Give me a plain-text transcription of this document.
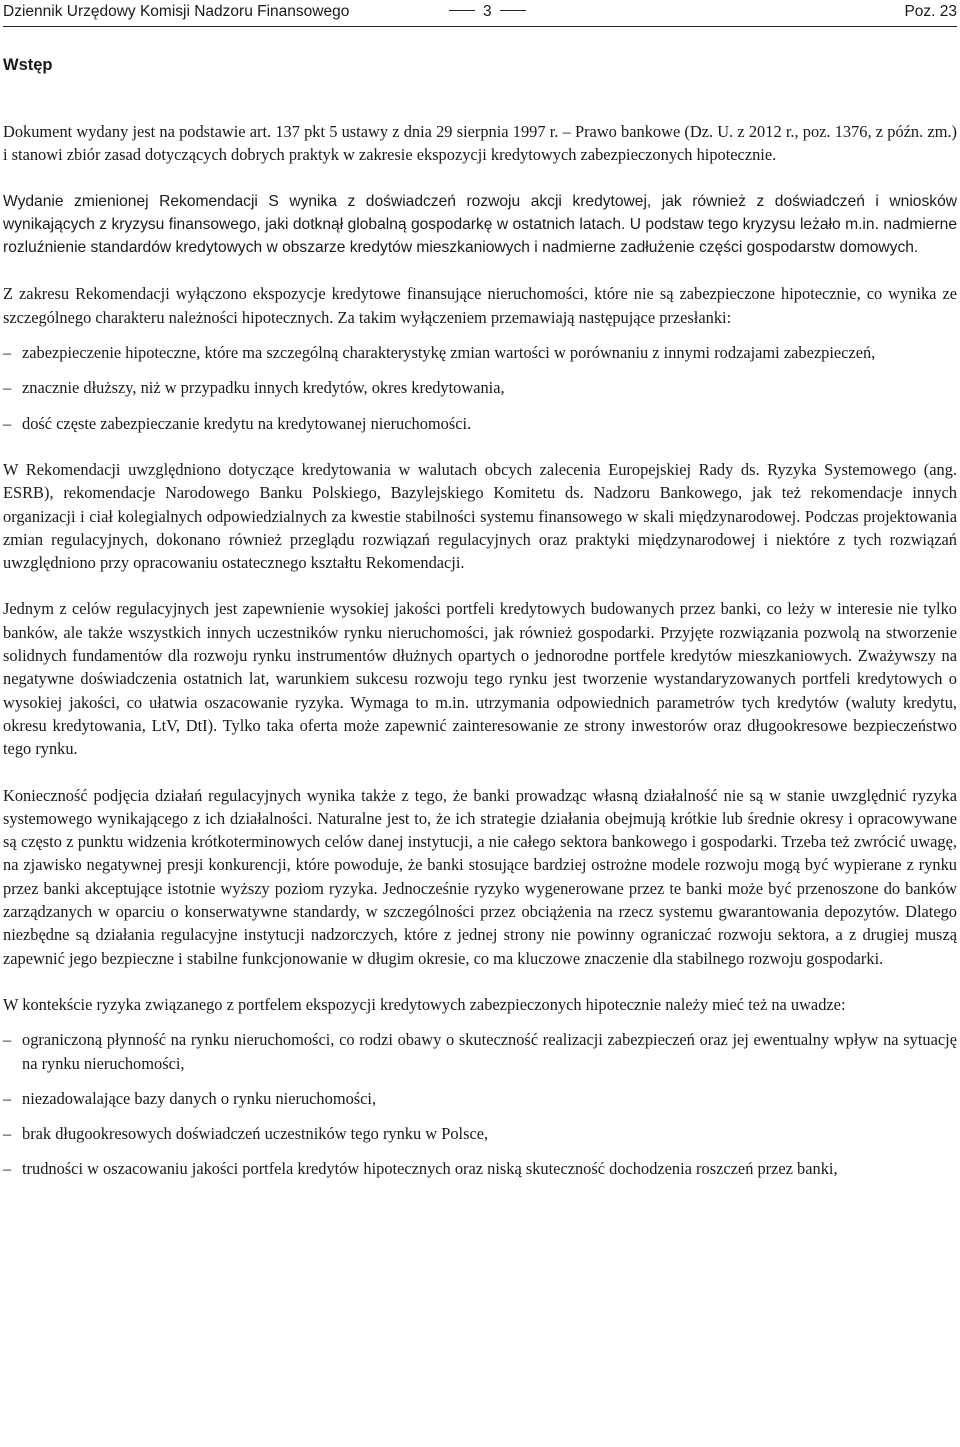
Dziennik Urzędowy Komisji Nadzoru Finansowego	3	Poz. 23
Wstęp

Dokument wydany jest na podstawie art. 137 pkt 5 ustawy z dnia 29 sierpnia 1997 r. – Prawo bankowe (Dz. U. z 2012 r., poz. 1376, z późn. zm.) i stanowi zbiór zasad dotyczących dobrych praktyk w zakresie ekspozycji kredytowych zabezpieczonych hipotecznie.

Wydanie zmienionej Rekomendacji S wynika z doświadczeń rozwoju akcji kredytowej, jak również z doświadczeń i wniosków wynikających z kryzysu finansowego, jaki dotknął globalną gospodarkę w ostatnich latach. U podstaw tego kryzysu leżało m.in. nadmierne rozluźnienie standardów kredytowych w obszarze kredytów mieszkaniowych i nadmierne zadłużenie części gospodarstw domowych.

Z zakresu Rekomendacji wyłączono ekspozycje kredytowe finansujące nieruchomości, które nie są zabezpieczone hipotecznie, co wynika ze szczególnego charakteru należności hipotecznych. Za takim wyłączeniem przemawiają następujące przesłanki:

– zabezpieczenie hipoteczne, które ma szczególną charakterystykę zmian wartości w porównaniu z innymi rodzajami zabezpieczeń,
– znacznie dłuższy, niż w przypadku innych kredytów, okres kredytowania,
– dość częste zabezpieczanie kredytu na kredytowanej nieruchomości.

W Rekomendacji uwzględniono dotyczące kredytowania w walutach obcych zalecenia Europejskiej Rady ds. Ryzyka Systemowego (ang. ESRB), rekomendacje Narodowego Banku Polskiego, Bazylejskiego Komitetu ds. Nadzoru Bankowego, jak też rekomendacje innych organizacji i ciał kolegialnych odpowiedzialnych za kwestie stabilności systemu finansowego w skali międzynarodowej. Podczas projektowania zmian regulacyjnych, dokonano również przeglądu rozwiązań regulacyjnych oraz praktyki międzynarodowej i niektóre z tych rozwiązań uwzględniono przy opracowaniu ostatecznego kształtu Rekomendacji.

Jednym z celów regulacyjnych jest zapewnienie wysokiej jakości portfeli kredytowych budowanych przez banki, co leży w interesie nie tylko banków, ale także wszystkich innych uczestników rynku nieruchomości, jak również gospodarki. Przyjęte rozwiązania pozwolą na stworzenie solidnych fundamentów dla rozwoju rynku instrumentów dłużnych opartych o jednorodne portfele kredytów mieszkaniowych. Zważywszy na negatywne doświadczenia ostatnich lat, warunkiem sukcesu rozwoju tego rynku jest tworzenie wystandaryzowanych portfeli kredytowych o wysokiej jakości, co ułatwia oszacowanie ryzyka. Wymaga to m.in. utrzymania odpowiednich parametrów tych kredytów (waluty kredytu, okresu kredytowania, LtV, DtI). Tylko taka oferta może zapewnić zainteresowanie ze strony inwestorów oraz długookresowe bezpieczeństwo tego rynku.

Konieczność podjęcia działań regulacyjnych wynika także z tego, że banki prowadząc własną działalność nie są w stanie uwzględnić ryzyka systemowego wynikającego z ich działalności. Naturalne jest to, że ich strategie działania obejmują krótkie lub średnie okresy i opracowywane są często z punktu widzenia krótkoterminowych celów danej instytucji, a nie całego sektora bankowego i gospodarki. Trzeba też zwrócić uwagę, na zjawisko negatywnej presji konkurencji, które powoduje, że banki stosujące bardziej ostrożne modele rozwoju mogą być wypierane z rynku przez banki akceptujące istotnie wyższy poziom ryzyka. Jednocześnie ryzyko wygenerowane przez te banki może być przenoszone do banków zarządzanych w oparciu o konserwatywne standardy, w szczególności przez obciążenia na rzecz systemu gwarantowania depozytów. Dlatego niezbędne są działania regulacyjne instytucji nadzorczych, które z jednej strony nie powinny ograniczać rozwoju sektora, a z drugiej muszą zapewnić jego bezpieczne i stabilne funkcjonowanie w długim okresie, co ma kluczowe znaczenie dla stabilnego rozwoju gospodarki.

W kontekście ryzyka związanego z portfelem ekspozycji kredytowych zabezpieczonych hipotecznie należy mieć też na uwadze:

– ograniczoną płynność na rynku nieruchomości, co rodzi obawy o skuteczność realizacji zabezpieczeń oraz jej ewentualny wpływ na sytuację na rynku nieruchomości,
– niezadowalające bazy danych o rynku nieruchomości,
– brak długookresowych doświadczeń uczestników tego rynku w Polsce,
– trudności w oszacowaniu jakości portfela kredytów hipotecznych oraz niską skuteczność dochodzenia roszczeń przez banki,
